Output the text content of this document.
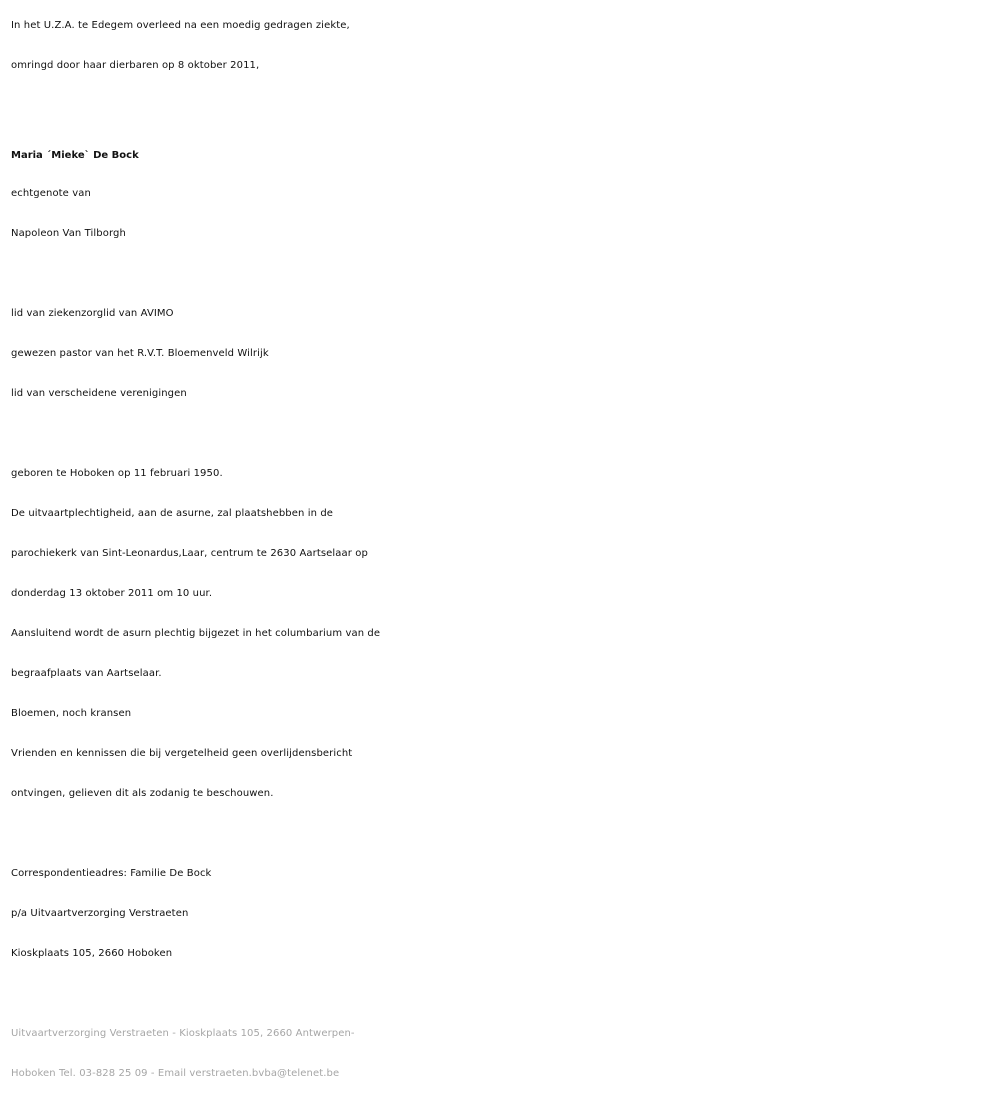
In het U.Z.A. te Edegem overleed na een moedig gedragen ziekte,
omringd door haar dierbaren op 8 oktober 2011,
Maria ´Mieke` De Bock
echtgenote van
Napoleon Van Tilborgh
lid van ziekenzorglid van AVIMO
gewezen pastor van het R.V.T. Bloemenveld Wilrijk
lid van verscheidene verenigingen
geboren te Hoboken op 11 februari 1950.
De uitvaartplechtigheid, aan de asurne, zal plaatshebben in de
parochiekerk van Sint-Leonardus,Laar, centrum te 2630 Aartselaar op
donderdag 13 oktober 2011 om 10 uur.
Aansluitend wordt de asurn plechtig bijgezet in het columbarium van de
begraafplaats van Aartselaar.
Bloemen, noch kransen
Vrienden en kennissen die bij vergetelheid geen overlijdensbericht
ontvingen, gelieven dit als zodanig te beschouwen.
Correspondentieadres: Familie De Bock
p/a Uitvaartverzorging Verstraeten
Kioskplaats 105, 2660 Hoboken
Uitvaartverzorging Verstraeten - Kioskplaats 105, 2660 Antwerpen-
Hoboken Tel. 03-828 25 09 - Email verstraeten.bvba@telenet.be
